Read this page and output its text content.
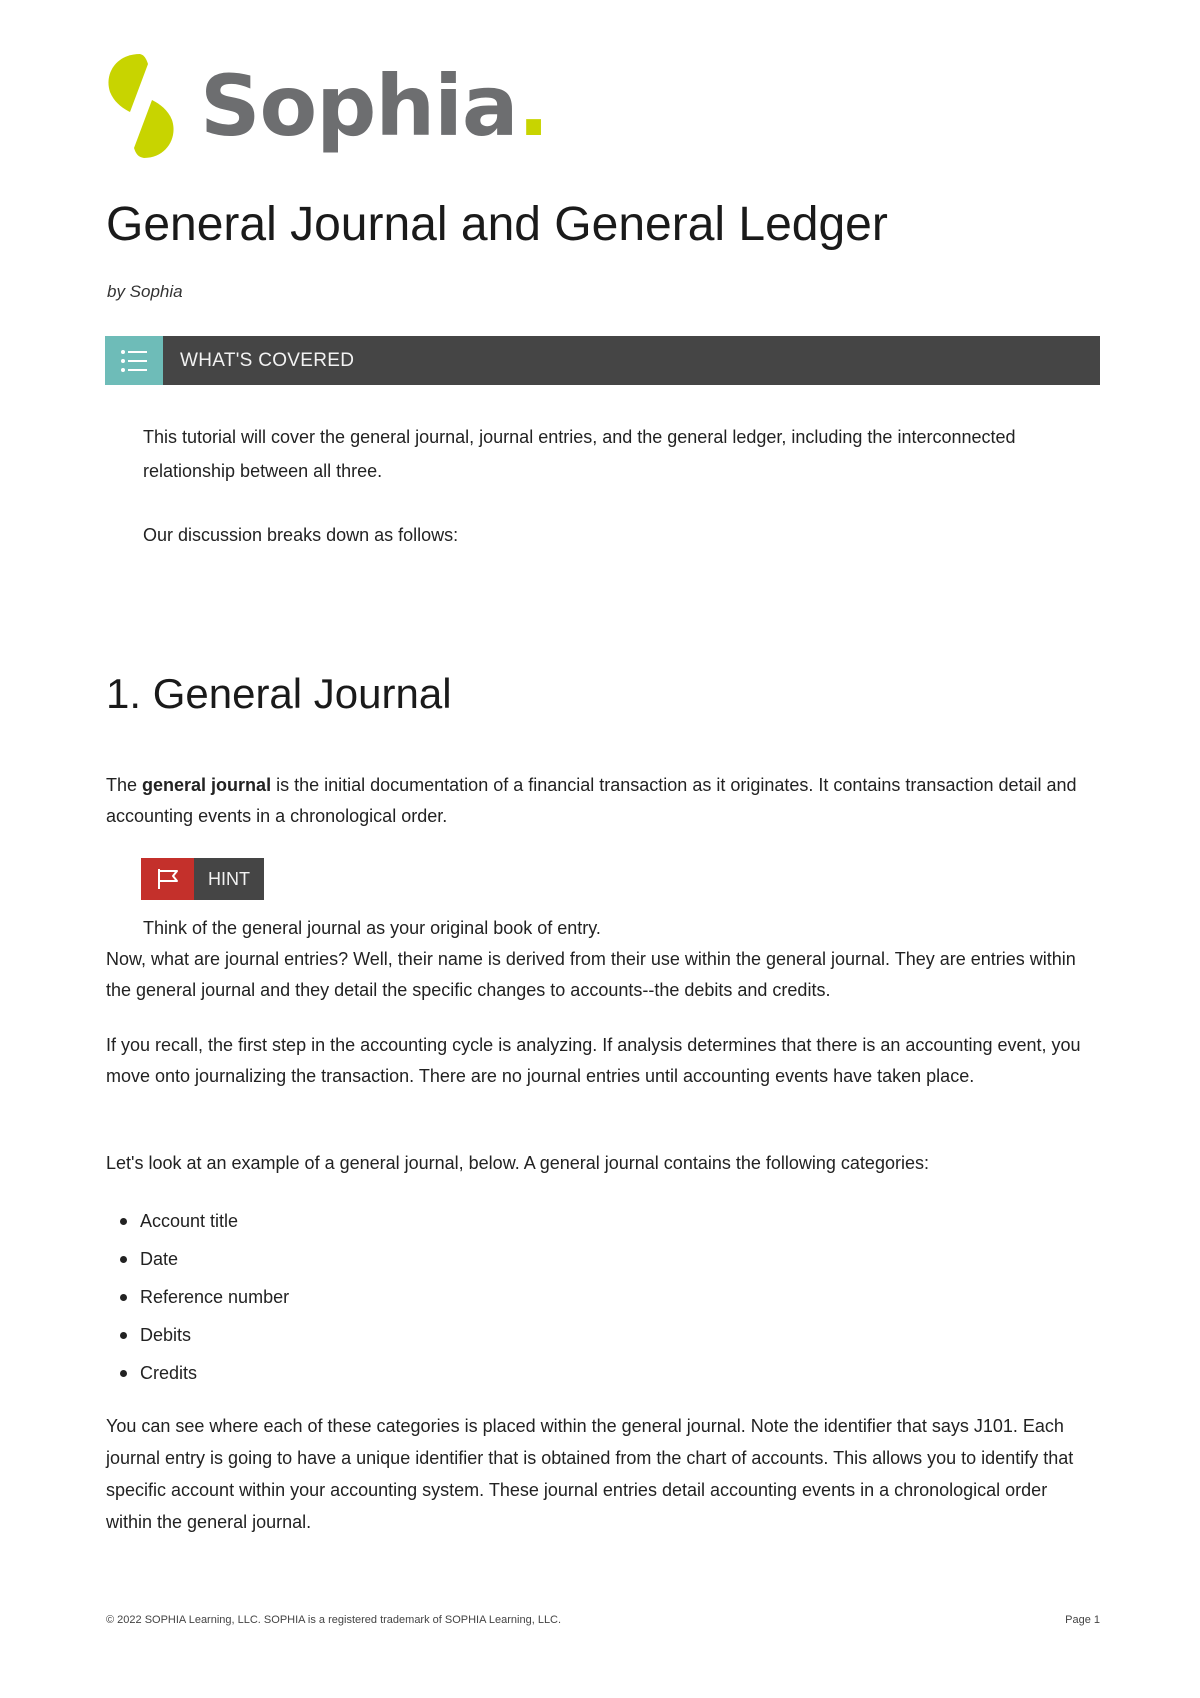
Sophia.
General Journal and General Ledger
by Sophia
WHAT'S COVERED

This tutorial will cover the general journal, journal entries, and the general ledger, including the interconnected relationship between all three.

Our discussion breaks down as follows:

1. General Journal

The general journal is the initial documentation of a financial transaction as it originates. It contains transaction detail and accounting events in a chronological order.

HINT

Think of the general journal as your original book of entry.

Now, what are journal entries? Well, their name is derived from their use within the general journal. They are entries within the general journal and they detail the specific changes to accounts--the debits and credits.

If you recall, the first step in the accounting cycle is analyzing. If analysis determines that there is an accounting event, you move onto journalizing the transaction. There are no journal entries until accounting events have taken place.

Let's look at an example of a general journal, below. A general journal contains the following categories:

Account title
Date
Reference number
Debits
Credits

You can see where each of these categories is placed within the general journal. Note the identifier that says J101. Each journal entry is going to have a unique identifier that is obtained from the chart of accounts. This allows you to identify that specific account within your accounting system. These journal entries detail accounting events in a chronological order within the general journal.

© 2022 SOPHIA Learning, LLC. SOPHIA is a registered trademark of SOPHIA Learning, LLC.	Page 1
